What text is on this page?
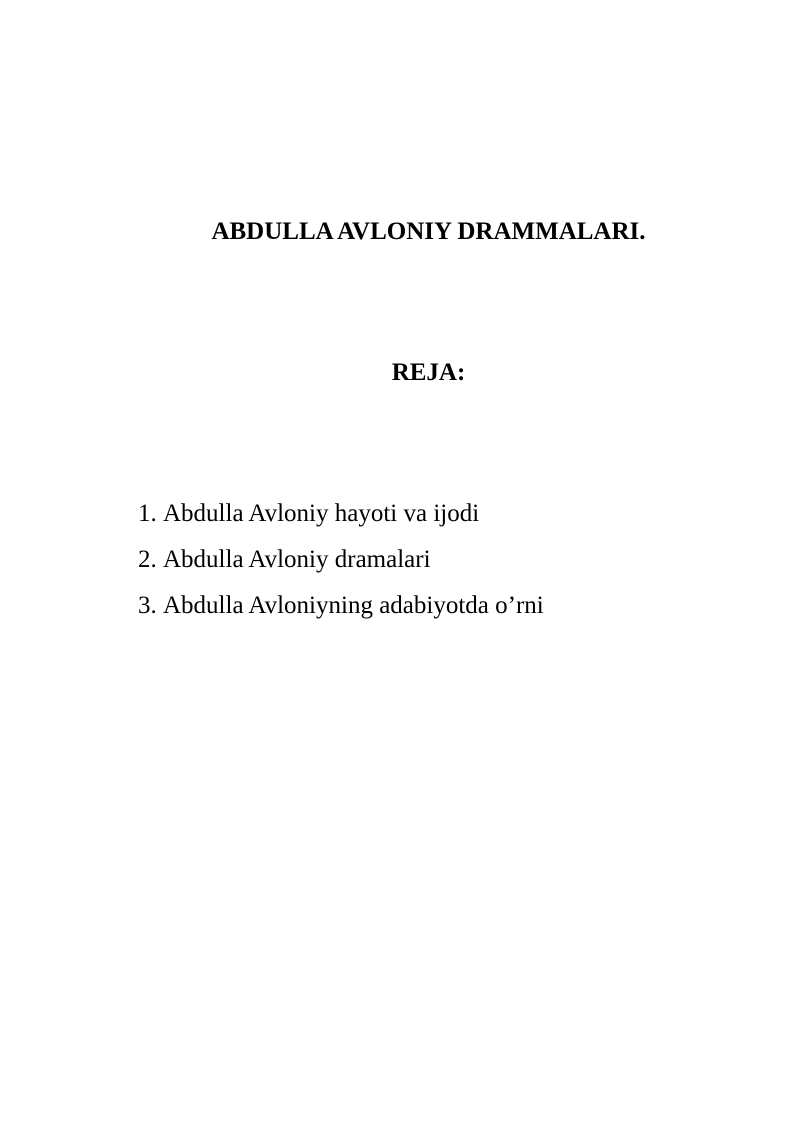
ABDULLA AVLONIY DRAMMALARI.
REJA:
1. Abdulla Avloniy hayoti va ijodi
2. Abdulla Avloniy dramalari
3. Abdulla Avloniyning adabiyotda o’rni
